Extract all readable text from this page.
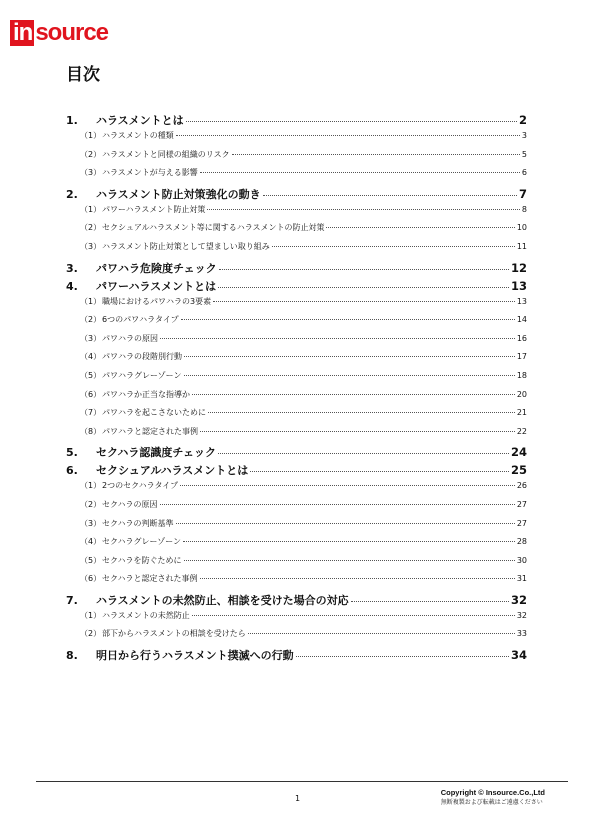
in source
目次
1.	ハラスメントとは	2
（1） ハラスメントの種類	3
（2） ハラスメントと同様の組織のリスク	5
（3） ハラスメントが与える影響	6
2.	ハラスメント防止対策強化の動き	7
（1） パワーハラスメント防止対策	8
（2） セクシュアルハラスメント等に関するハラスメントの防止対策	10
（3） ハラスメント防止対策として望ましい取り組み	11
3.	パワハラ危険度チェック	12
4.	パワーハラスメントとは	13
（1） 職場におけるパワハラの3要素	13
（2） 6つのパワハラタイプ	14
（3） パワハラの原因	16
（4） パワハラの段階別行動	17
（5） パワハラグレーゾーン	18
（6） パワハラか正当な指導か	20
（7） パワハラを起こさないために	21
（8） パワハラと認定された事例	22
5.	セクハラ認識度チェック	24
6.	セクシュアルハラスメントとは	25
（1） 2つのセクハラタイプ	26
（2） セクハラの原因	27
（3） セクハラの判断基準	27
（4） セクハラグレーゾーン	28
（5） セクハラを防ぐために	30
（6） セクハラと認定された事例	31
7.	ハラスメントの未然防止、相談を受けた場合の対応	32
（1） ハラスメントの未然防止	32
（2） 部下からハラスメントの相談を受けたら	33
8.	明日から行うハラスメント撲滅への行動	34
1
Copyright © Insource.Co.,Ltd
無断複製および転載はご遠慮ください
